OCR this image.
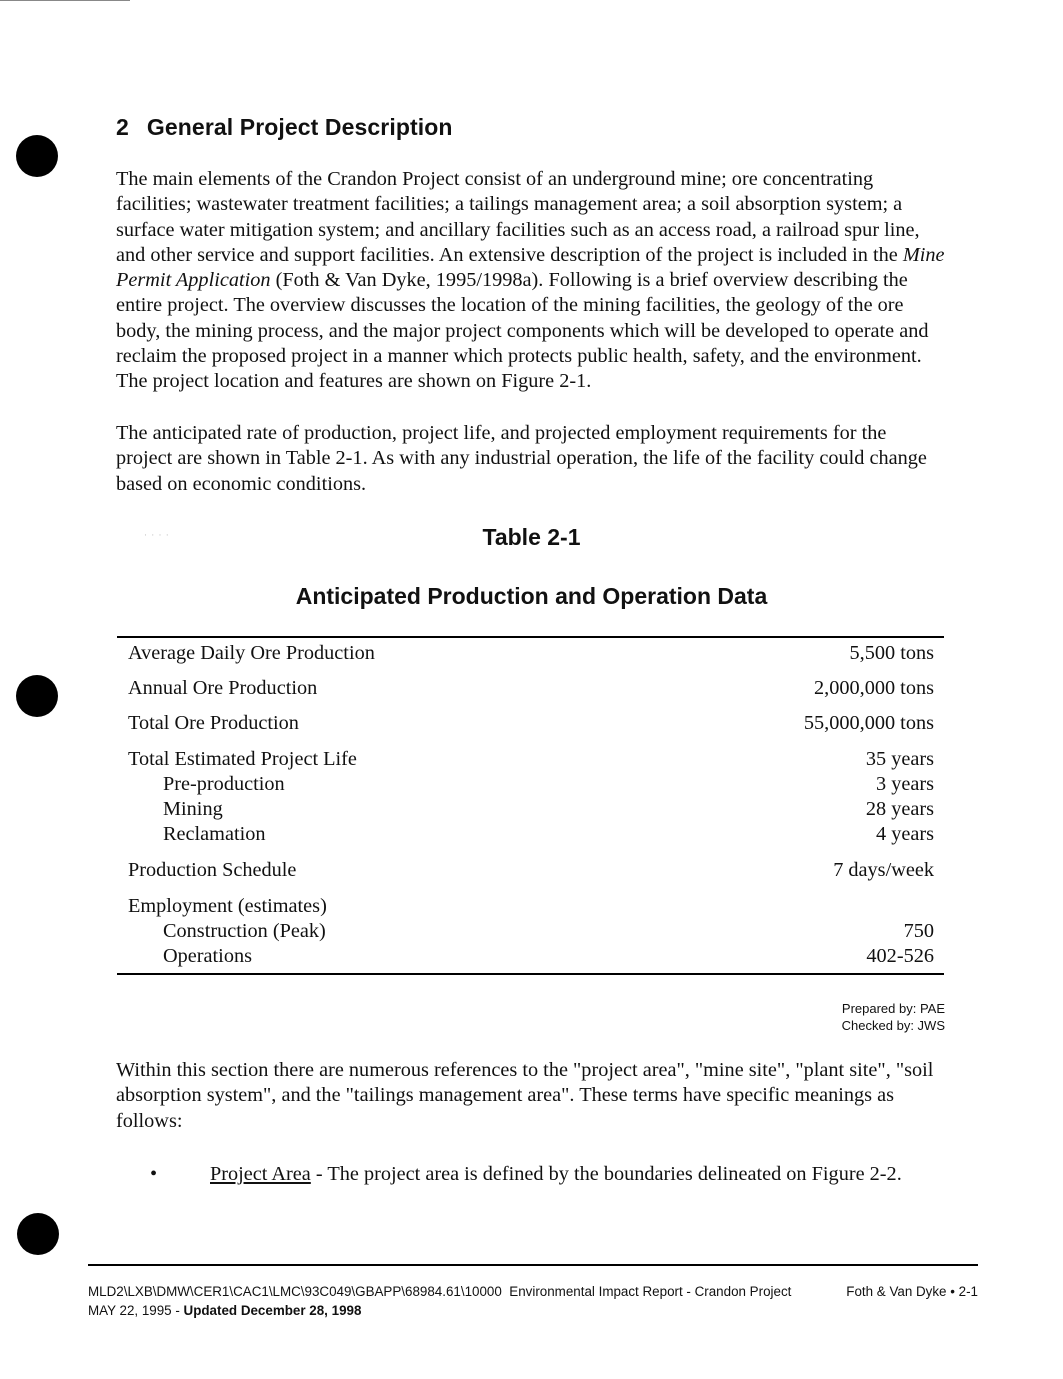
2 General Project Description

The main elements of the Crandon Project consist of an underground mine; ore concentrating facilities; wastewater treatment facilities; a tailings management area; a soil absorption system; a surface water mitigation system; and ancillary facilities such as an access road, a railroad spur line, and other service and support facilities. An extensive description of the project is included in the Mine Permit Application (Foth & Van Dyke, 1995/1998a). Following is a brief overview describing the entire project. The overview discusses the location of the mining facilities, the geology of the ore body, the mining process, and the major project components which will be developed to operate and reclaim the proposed project in a manner which protects public health, safety, and the environment. The project location and features are shown on Figure 2-1.

The anticipated rate of production, project life, and projected employment requirements for the project are shown in Table 2-1. As with any industrial operation, the life of the facility could change based on economic conditions.

· · · ·	Table 2-1
Anticipated Production and Operation Data
Average Daily Ore Production	5,500 tons
Annual Ore Production	2,000,000 tons
Total Ore Production	55,000,000 tons
Total Estimated Project Life	35 years
Pre-production	3 years
Mining	28 years
Reclamation	4 years
Production Schedule	7 days/week
Employment (estimates)
Construction (Peak)	750
Operations	402-526
Prepared by: PAE
Checked by: JWS

Within this section there are numerous references to the "project area", "mine site", "plant site", "soil absorption system", and the "tailings management area". These terms have specific meanings as follows:

•	Project Area - The project area is defined by the boundaries delineated on Figure 2-2.
MLD2\LXB\DMW\CER1\CAC1\LMC\93C049\GBAPP\68984.61\10000 Environmental Impact Report - Crandon Project
MAY 22, 1995 - Updated December 28, 1998
Foth & Van Dyke • 2-1
